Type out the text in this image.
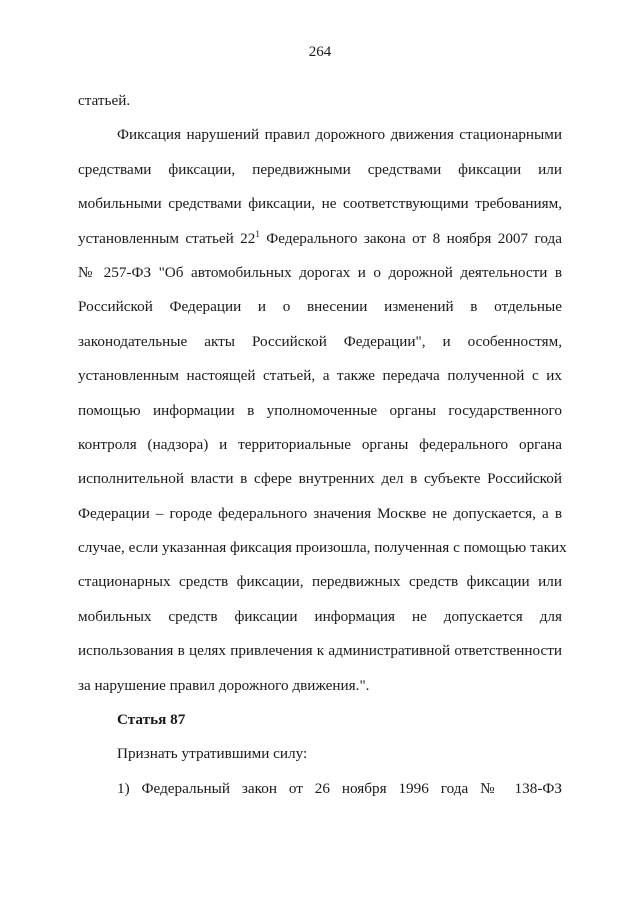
264
статьей.
Фиксация нарушений правил дорожного движения стационарными
средствами фиксации, передвижными средствами фиксации или
мобильными средствами фиксации, не соответствующими требованиям,
установленным статьей $22^1$ Федерального закона от 8 ноября 2007 года
№ 257-ФЗ "Об автомобильных дорогах и о дорожной деятельности в
Российской Федерации и о внесении изменений в отдельные
законодательные акты Российской Федерации", и особенностям,
установленным настоящей статьей, а также передача полученной с их
помощью информации в уполномоченные органы государственного
контроля (надзора) и территориальные органы федерального органа
исполнительной власти в сфере внутренних дел в субъекте Российской
Федерации – городе федерального значения Москве не допускается, а в
случае, если указанная фиксация произошла, полученная с помощью таких
стационарных средств фиксации, передвижных средств фиксации или
мобильных средств фиксации информация не допускается для
использования в целях привлечения к административной ответственности
за нарушение правил дорожного движения.".
Статья 87
Признать утратившими силу:
1) Федеральный закон от 26 ноября 1996 года № 138-ФЗ
